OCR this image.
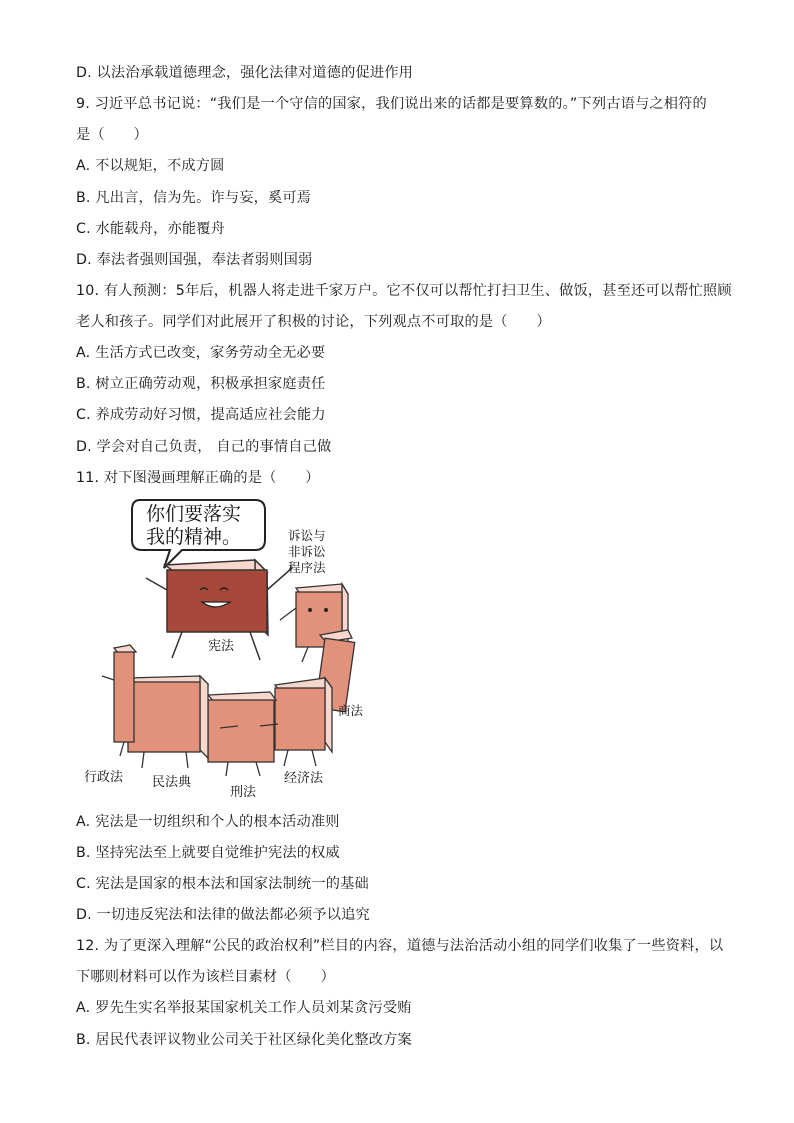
D. 以法治承载道德理念，强化法律对道德的促进作用
9. 习近平总书记说：“我们是一个守信的国家，我们说出来的话都是要算数的。”下列古语与之相符的
是（　　）
A. 不以规矩，不成方圆
B. 凡出言，信为先。诈与妄，奚可焉
C. 水能载舟，亦能覆舟
D. 奉法者强则国强，奉法者弱则国弱
10. 有人预测：5年后，机器人将走进千家万户。它不仅可以帮忙打扫卫生、做饭，甚至还可以帮忙照顾
老人和孩子。同学们对此展开了积极的讨论，下列观点不可取的是（　　）
A. 生活方式已改变，家务劳动全无必要
B. 树立正确劳动观，积极承担家庭责任
C. 养成劳动好习惯，提高适应社会能力
D. 学会对自己负责， 自己的事情自己做
11. 对下图漫画理解正确的是（　　）
你们要落实
我的精神。
宪法
诉讼与
非诉讼
程序法
商法
经济法
刑法
民法典
行政法
A. 宪法是一切组织和个人的根本活动准则
B. 坚持宪法至上就要自觉维护宪法的权威
C. 宪法是国家的根本法和国家法制统一的基础
D. 一切违反宪法和法律的做法都必须予以追究
12. 为了更深入理解“公民的政治权利”栏目的内容，道德与法治活动小组的同学们收集了一些资料，以
下哪则材料可以作为该栏目素材（　　）
A. 罗先生实名举报某国家机关工作人员刘某贪污受贿
B. 居民代表评议物业公司关于社区绿化美化整改方案
